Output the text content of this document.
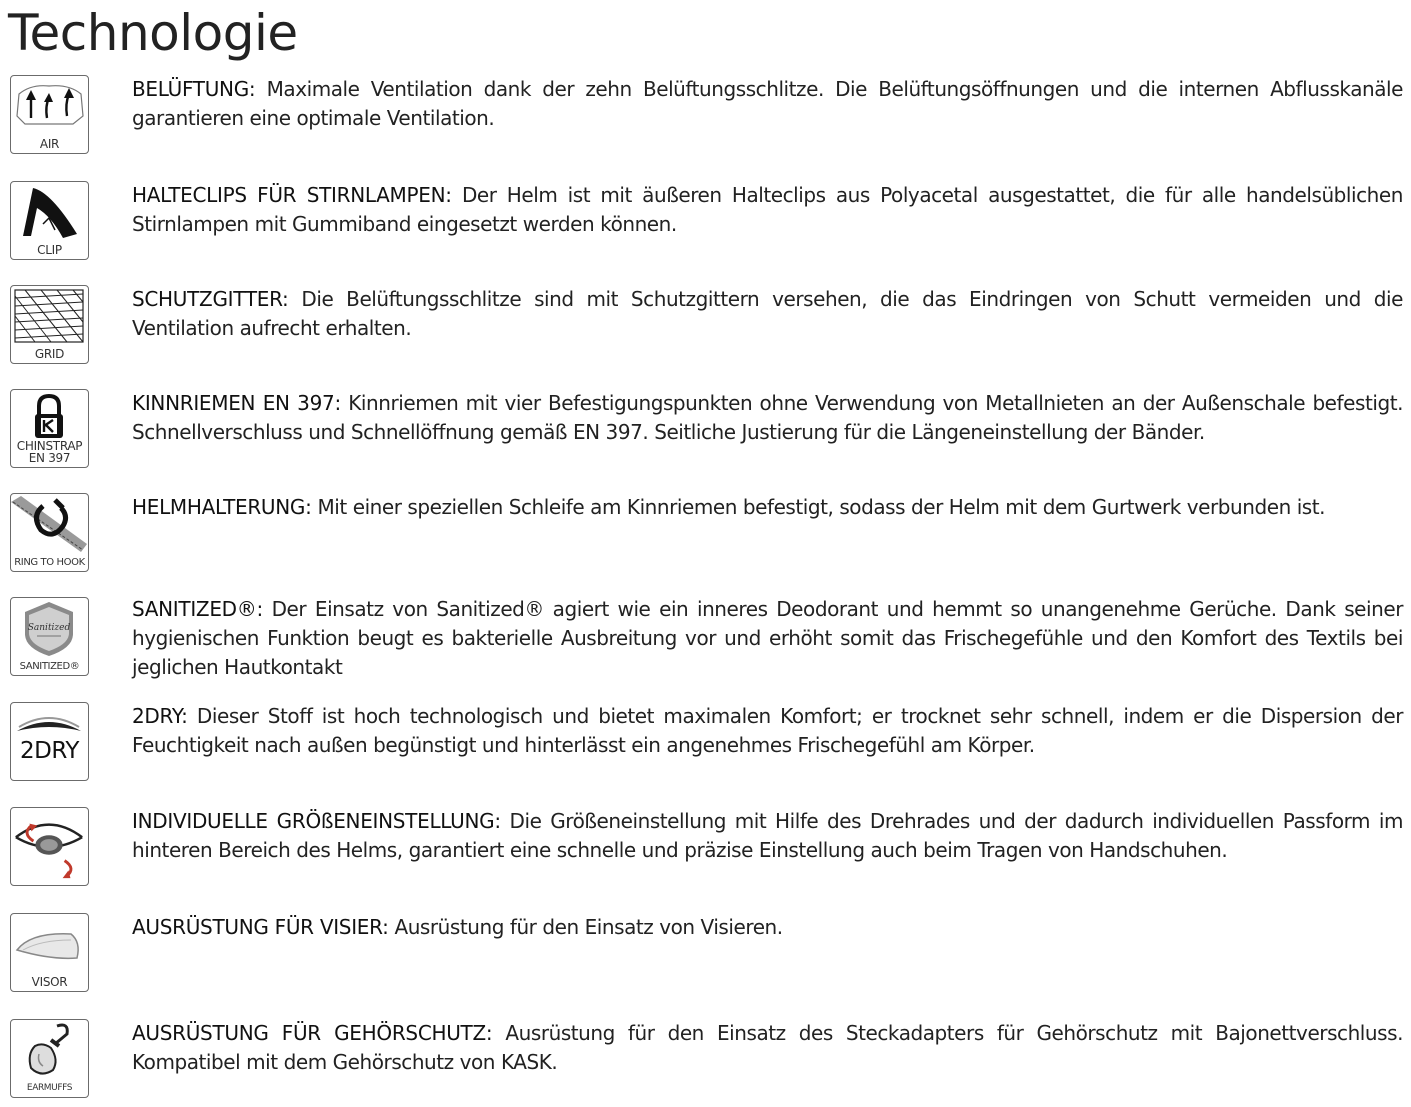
Technologie
AIR

BELÜFTUNG: Maximale Ventilation dank der zehn Belüftungsschlitze. Die Belüftungsöffnungen und die internen Abflusskanäle garantieren eine optimale Ventilation.

CLIP

HALTECLIPS FÜR STIRNLAMPEN: Der Helm ist mit äußeren Halteclips aus Polyacetal ausgestattet, die für alle handelsüblichen Stirnlampen mit Gummiband eingesetzt werden können.

GRID

SCHUTZGITTER: Die Belüftungsschlitze sind mit Schutzgittern versehen, die das Eindringen von Schutt vermeiden und die Ventilation aufrecht erhalten.

CHINSTRAP
EN 397

KINNRIEMEN EN 397: Kinnriemen mit vier Befestigungspunkten ohne Verwendung von Metallnieten an der Außenschale befestigt. Schnellverschluss und Schnellöffnung gemäß EN 397. Seitliche Justierung für die Längeneinstellung der Bänder.

RING TO HOOK

HELMHALTERUNG: Mit einer speziellen Schleife am Kinnriemen befestigt, sodass der Helm mit dem Gurtwerk verbunden ist.

Sanitized
SANITIZED®

SANITIZED®: Der Einsatz von Sanitized® agiert wie ein inneres Deodorant und hemmt so unangenehme Gerüche. Dank seiner hygienischen Funktion beugt es bakterielle Ausbreitung vor und erhöht somit das Frischegefühle und den Komfort des Textils bei jeglichen Hautkontakt

2DRY

2DRY: Dieser Stoff ist hoch technologisch und bietet maximalen Komfort; er trocknet sehr schnell, indem er die Dispersion der Feuchtigkeit nach außen begünstigt und hinterlässt ein angenehmes Frischegefühl am Körper.

INDIVIDUELLE GRÖßENEINSTELLUNG: Die Größeneinstellung mit Hilfe des Drehrades und der dadurch individuellen Passform im hinteren Bereich des Helms, garantiert eine schnelle und präzise Einstellung auch beim Tragen von Handschuhen.

VISOR

AUSRÜSTUNG FÜR VISIER: Ausrüstung für den Einsatz von Visieren.

EARMUFFS

AUSRÜSTUNG FÜR GEHÖRSCHUTZ: Ausrüstung für den Einsatz des Steckadapters für Gehörschutz mit Bajonettverschluss. Kompatibel mit dem Gehörschutz von KASK.
